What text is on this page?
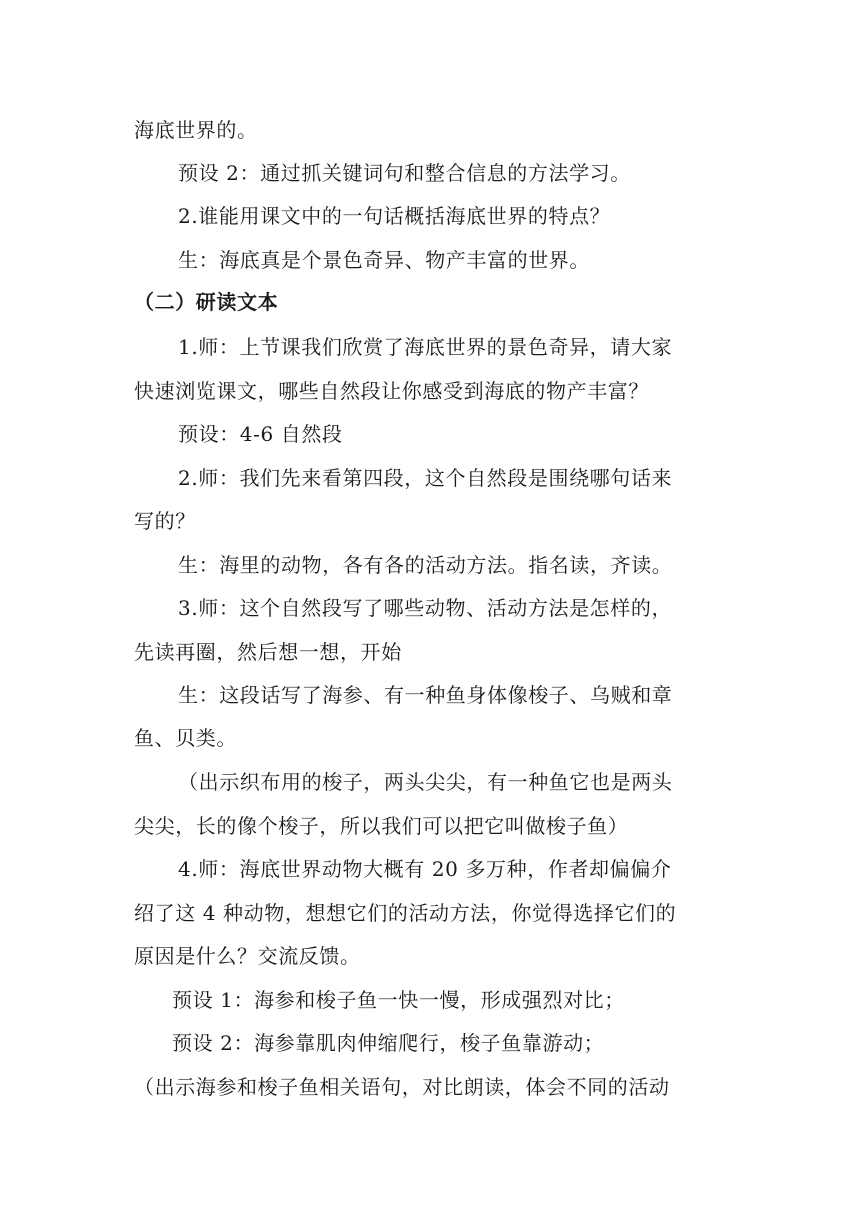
海底世界的。
预设 2：通过抓关键词句和整合信息的方法学习。
2.谁能用课文中的一句话概括海底世界的特点？
生：海底真是个景色奇异、物产丰富的世界。
（二）研读文本
1.师：上节课我们欣赏了海底世界的景色奇异，请大家
快速浏览课文，哪些自然段让你感受到海底的物产丰富？
预设：4-6 自然段
2.师：我们先来看第四段，这个自然段是围绕哪句话来
写的？
生：海里的动物，各有各的活动方法。指名读，齐读。
3.师：这个自然段写了哪些动物、活动方法是怎样的，
先读再圈，然后想一想，开始
生：这段话写了海参、有一种鱼身体像梭子、乌贼和章
鱼、贝类。
（出示织布用的梭子，两头尖尖，有一种鱼它也是两头
尖尖，长的像个梭子，所以我们可以把它叫做梭子鱼）
4.师：海底世界动物大概有 20 多万种，作者却偏偏介
绍了这 4 种动物，想想它们的活动方法，你觉得选择它们的
原因是什么？交流反馈。
预设 1：海参和梭子鱼一快一慢，形成强烈对比；
预设 2：海参靠肌肉伸缩爬行，梭子鱼靠游动；
（出示海参和梭子鱼相关语句，对比朗读，体会不同的活动
